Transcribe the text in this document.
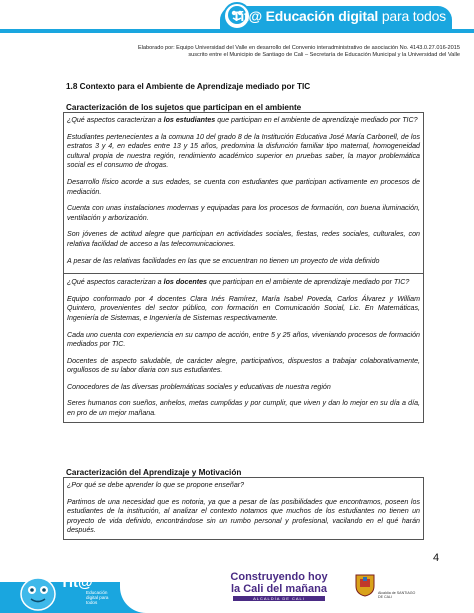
Tit@ Educación digital para todos
Elaborado por: Equipo Universidad del Valle en desarrollo del Convenio interadministrativo de asociación No. 4143.0.27.016-2015
suscrito entre el Municipio de Santiago de Cali – Secretaría de Educación Municipal y la Universidad del Valle
1.8 Contexto para el Ambiente de Aprendizaje mediado por TIC
Caracterización de los sujetos que participan en el ambiente

¿Qué aspectos caracterizan a los estudiantes que participan en el ambiente de aprendizaje mediado por TIC?

Estudiantes pertenecientes a la comuna 10 del grado 8 de la Institución Educativa José María Carbonell, de los estratos 3 y 4, en edades entre 13 y 15 años, predomina la disfunción familiar tipo maternal, homogeneidad cultural propia de nuestra región, rendimiento académico superior en pruebas saber, la mayor problemática social es el consumo de drogas.

Desarrollo físico acorde a sus edades, se cuenta con estudiantes que participan activamente en procesos de mediación.

Cuenta con unas instalaciones modernas y equipadas para los procesos de formación, con buena iluminación, ventilación y arborización.

Son jóvenes de actitud alegre que participan en actividades sociales, fiestas, redes sociales, culturales, con relativa facilidad de acceso a las telecomunicaciones.

A pesar de las relativas facilidades en las que se encuentran no tienen un proyecto de vida definido

¿Qué aspectos caracterizan a los docentes que participan en el ambiente de aprendizaje mediado por TIC?

Equipo conformado por 4 docentes Clara Inés Ramírez, María Isabel Poveda, Carlos Álvarez y William Quintero, provenientes del sector público, con formación en Comunicación Social, Lic. En Matemáticas, Ingeniería de Sistemas, e Ingeniería de Sistemas respectivamente.

Cada uno cuenta con experiencia en su campo de acción, entre 5 y 25 años, viveniando procesos de formación mediados por TIC.

Docentes de aspecto saludable, de carácter alegre, participativos, dispuestos a trabajar colaborativamente, orgullosos de su labor diaria con sus estudiantes.

Conocedores de las diversas problemáticas sociales y educativas de nuestra región

Seres humanos con sueños, anhelos, metas cumplidas y por cumplir, que viven y dan lo mejor en su día a día, en pro de un mejor mañana.

Caracterización del Aprendizaje y Motivación

¿Por qué se debe aprender lo que se propone enseñar?

Partimos de una necesidad que es notoria, ya que a pesar de las posibilidades que encontramos, poseen los estudiantes de la institución, al analizar el contexto notamos que muchos de los estudiantes no tienen un proyecto de vida definido, encontrándose sin un rumbo personal y profesional, vacilando en el qué harán después.

4
Tit@
Educación digital para todos
Construyendo hoy
la Cali del mañana
ALCALDÍA DE CALI
Alcaldía de SANTIAGO DE CALI
